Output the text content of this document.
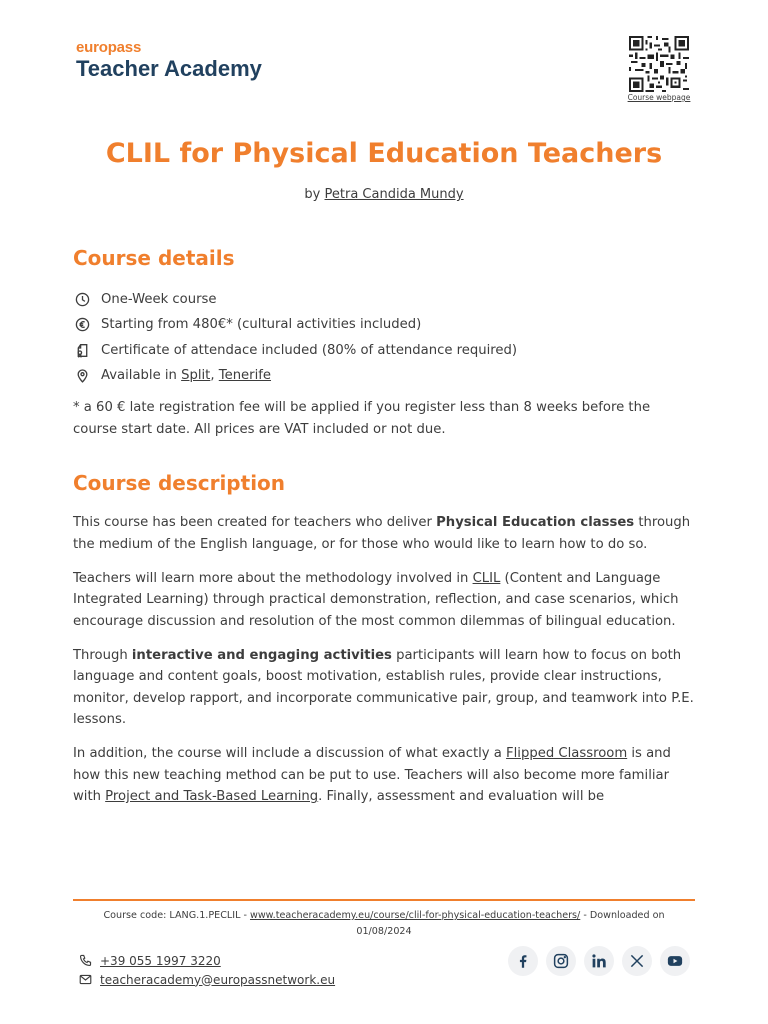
europass
Teacher Academy
Course webpage
CLIL for Physical Education Teachers
by Petra Candida Mundy
Course details
One-Week course
Starting from 480€* (cultural activities included)
Certificate of attendace included (80% of attendance required)
Available in Split, Tenerife

* a 60 € late registration fee will be applied if you register less than 8 weeks before the course start date. All prices are VAT included or not due.

Course description

This course has been created for teachers who deliver Physical Education classes through the medium of the English language, or for those who would like to learn how to do so.

Teachers will learn more about the methodology involved in CLIL (Content and Language Integrated Learning) through practical demonstration, reflection, and case scenarios, which encourage discussion and resolution of the most common dilemmas of bilingual education.

Through interactive and engaging activities participants will learn how to focus on both language and content goals, boost motivation, establish rules, provide clear instructions, monitor, develop rapport, and incorporate communicative pair, group, and teamwork into P.E. lessons.

In addition, the course will include a discussion of what exactly a Flipped Classroom is and how this new teaching method can be put to use. Teachers will also become more familiar with Project and Task-Based Learning. Finally, assessment and evaluation will be

Course code: LANG.1.PECLIL - www.teacheracademy.eu/course/clil-for-physical-education-teachers/ - Downloaded on 01/08/2024
+39 055 1997 3220
teacheracademy@europassnetwork.eu
